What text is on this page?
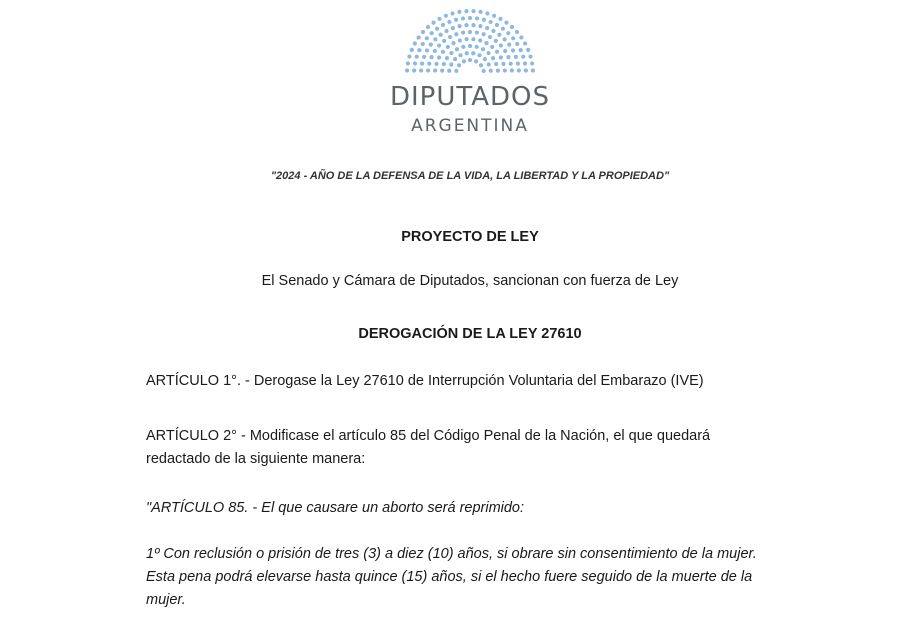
DIPUTADOS
ARGENTINA
"2024 - AÑO DE LA DEFENSA DE LA VIDA, LA LIBERTAD Y LA PROPIEDAD"
PROYECTO DE LEY
El Senado y Cámara de Diputados, sancionan con fuerza de Ley
DEROGACIÓN DE LA LEY 27610
ARTÍCULO 1°. - Derogase la Ley 27610 de Interrupción Voluntaria del Embarazo (IVE)
ARTÍCULO 2° - Modificase el artículo 85 del Código Penal de la Nación, el que quedará redactado de la siguiente manera:
"ARTÍCULO 85. - El que causare un aborto será reprimido:
1º Con reclusión o prisión de tres (3) a diez (10) años, si obrare sin consentimiento de la mujer. Esta pena podrá elevarse hasta quince (15) años, si el hecho fuere seguido de la muerte de la mujer.
